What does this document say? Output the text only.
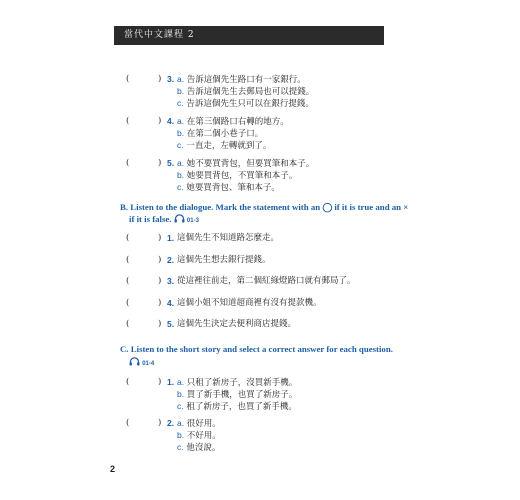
當代中文課程 2
(	) 3. a. 告訴這個先生路口有一家銀行。
b. 告訴這個先生去郵局也可以提錢。
c. 告訴這個先生只可以在銀行提錢。
(	) 4. a. 在第三個路口右轉的地方。
b. 在第二個小巷子口。
c. 一直走，左轉就到了。
(	) 5. a. 她不要買背包，但要買筆和本子。
b. 她要買背包，不買筆和本子。
c. 她要買背包、筆和本子。
B. Listen to the dialogue. Mark the statement with an ◯ if it is true and an ×
if it is false.	01-3
(	) 1. 這個先生不知道路怎麼走。
(	) 2. 這個先生想去銀行提錢。
(	) 3. 從這裡往前走，第二個紅綠燈路口就有郵局了。
(	) 4. 這個小姐不知道超商裡有沒有提款機。
(	) 5. 這個先生決定去便利商店提錢。
C. Listen to the short story and select a correct answer for each question.
01-4
(	) 1. a. 只租了新房子，沒買新手機。
b. 買了新手機，也買了新房子。
c. 租了新房子，也買了新手機。
(	) 2. a. 很好用。
b. 不好用。
c. 他沒說。
2
